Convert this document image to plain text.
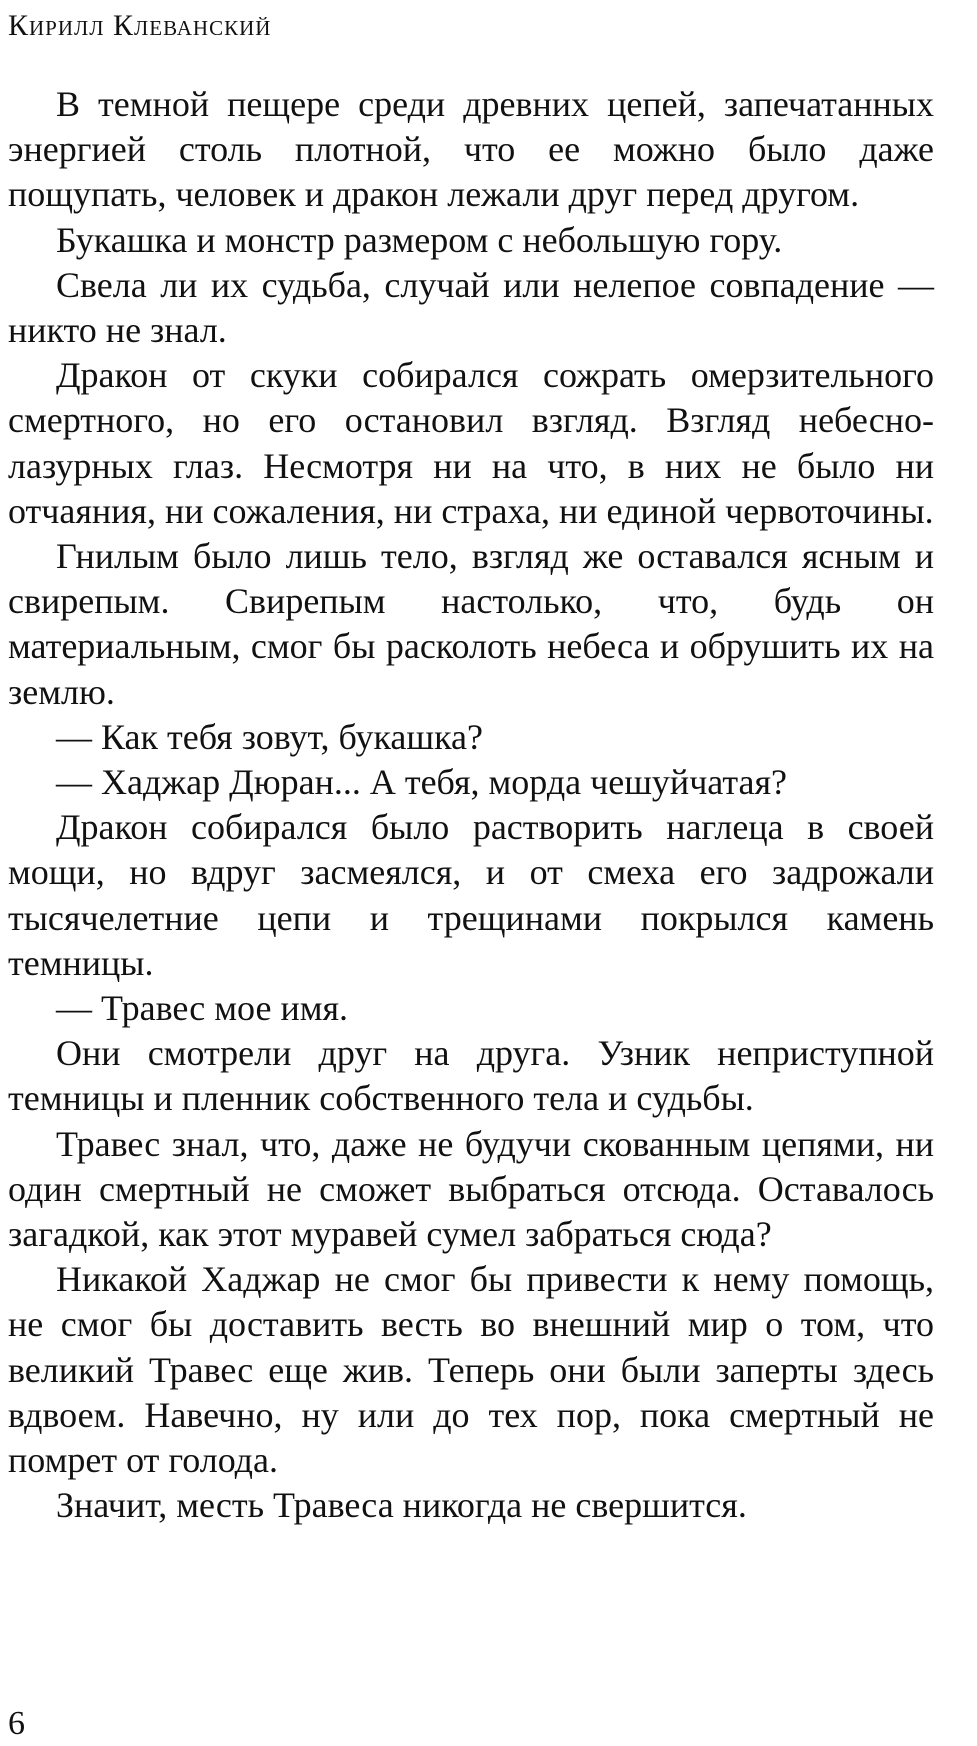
Кирилл Клеванский

В темной пещере среди древних цепей, запечатанных энергией столь плотной, что ее можно было даже пощупать, человек и дракон лежали друг перед другом.

Букашка и монстр размером с небольшую гору.

Свела ли их судьба, случай или нелепое совпадение — никто не знал.

Дракон от скуки собирался сожрать омерзительного смертного, но его остановил взгляд. Взгляд небесно-лазурных глаз. Несмотря ни на что, в них не было ни отчаяния, ни сожаления, ни страха, ни единой червоточины.

Гнилым было лишь тело, взгляд же оставался ясным и свирепым. Свирепым настолько, что, будь он материальным, смог бы расколоть небеса и обрушить их на землю.

— Как тебя зовут, букашка?

— Хаджар Дюран... А тебя, морда чешуйчатая?

Дракон собирался было растворить наглеца в своей мощи, но вдруг засмеялся, и от смеха его задрожали тысячелетние цепи и трещинами покрылся камень темницы.

— Травес мое имя.

Они смотрели друг на друга. Узник неприступной темницы и пленник собственного тела и судьбы.

Травес знал, что, даже не будучи скованным цепями, ни один смертный не сможет выбраться отсюда. Оставалось загадкой, как этот муравей сумел забраться сюда?

Никакой Хаджар не смог бы привести к нему помощь, не смог бы доставить весть во внешний мир о том, что великий Травес еще жив. Теперь они были заперты здесь вдвоем. Навечно, ну или до тех пор, пока смертный не помрет от голода.

Значит, месть Травеса никогда не свершится.

6
